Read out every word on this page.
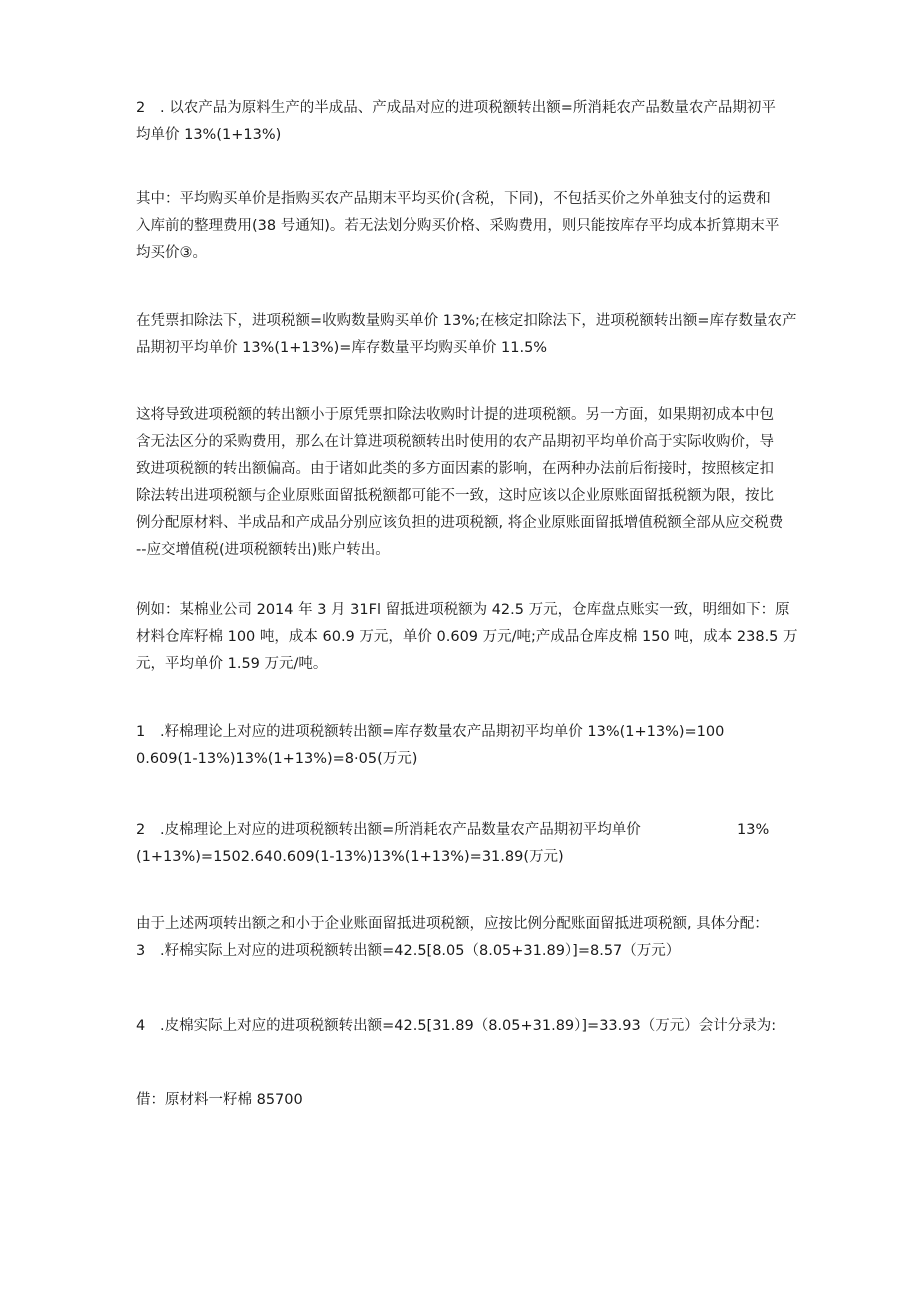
2 . 以农产品为原料生产的半成品、产成品对应的进项税额转出额=所消耗农产品数量农产品期初平
均单价 13%(1+13%)
其中：平均购买单价是指购买农产品期末平均买价(含税，下同)，不包括买价之外单独支付的运费和
入库前的整理费用(38 号通知)。若无法划分购买价格、采购费用，则只能按库存平均成本折算期末平
均买价③。
在凭票扣除法下，进项税额=收购数量购买单价 13%;在核定扣除法下，进项税额转出额=库存数量农产
品期初平均单价 13%(1+13%)=库存数量平均购买单价 11.5%
这将导致进项税额的转出额小于原凭票扣除法收购时计提的进项税额。另一方面，如果期初成本中包
含无法区分的采购费用，那么在计算进项税额转出时使用的农产品期初平均单价高于实际收购价，导
致进项税额的转出额偏高。由于诸如此类的多方面因素的影响，在两种办法前后衔接时，按照核定扣
除法转出进项税额与企业原账面留抵税额都可能不一致，这时应该以企业原账面留抵税额为限，按比
例分配原材料、半成品和产成品分别应该负担的进项税额, 将企业原账面留抵增值税额全部从应交税费
--应交增值税(进项税额转出)账户转出。
例如：某棉业公司 2014 年 3 月 31Fl 留抵进项税额为 42.5 万元，仓库盘点账实一致，明细如下：原
材料仓库籽棉 100 吨，成本 60.9 万元，单价 0.609 万元/吨;产成品仓库皮棉 150 吨，成本 238.5 万
元，平均单价 1.59 万元/吨。
1 .籽棉理论上对应的进项税额转出额=库存数量农产品期初平均单价 13%(1+13%)=100
0.609(1-13%)13%(1+13%)=8·05(万元)
2 .皮棉理论上对应的进项税额转出额=所消耗农产品数量农产品期初平均单价	13%
(1+13%)=1502.640.609(1-13%)13%(1+13%)=31.89(万元)
由于上述两项转出额之和小于企业账面留抵进项税额，应按比例分配账面留抵进项税额, 具体分配：
3 .籽棉实际上对应的进项税额转出额=42.5[8.05（8.05+31.89）]=8.57（万元）
4 .皮棉实际上对应的进项税额转出额=42.5[31.89（8.05+31.89）]=33.93（万元）会计分录为:
借：原材料一籽棉 85700
